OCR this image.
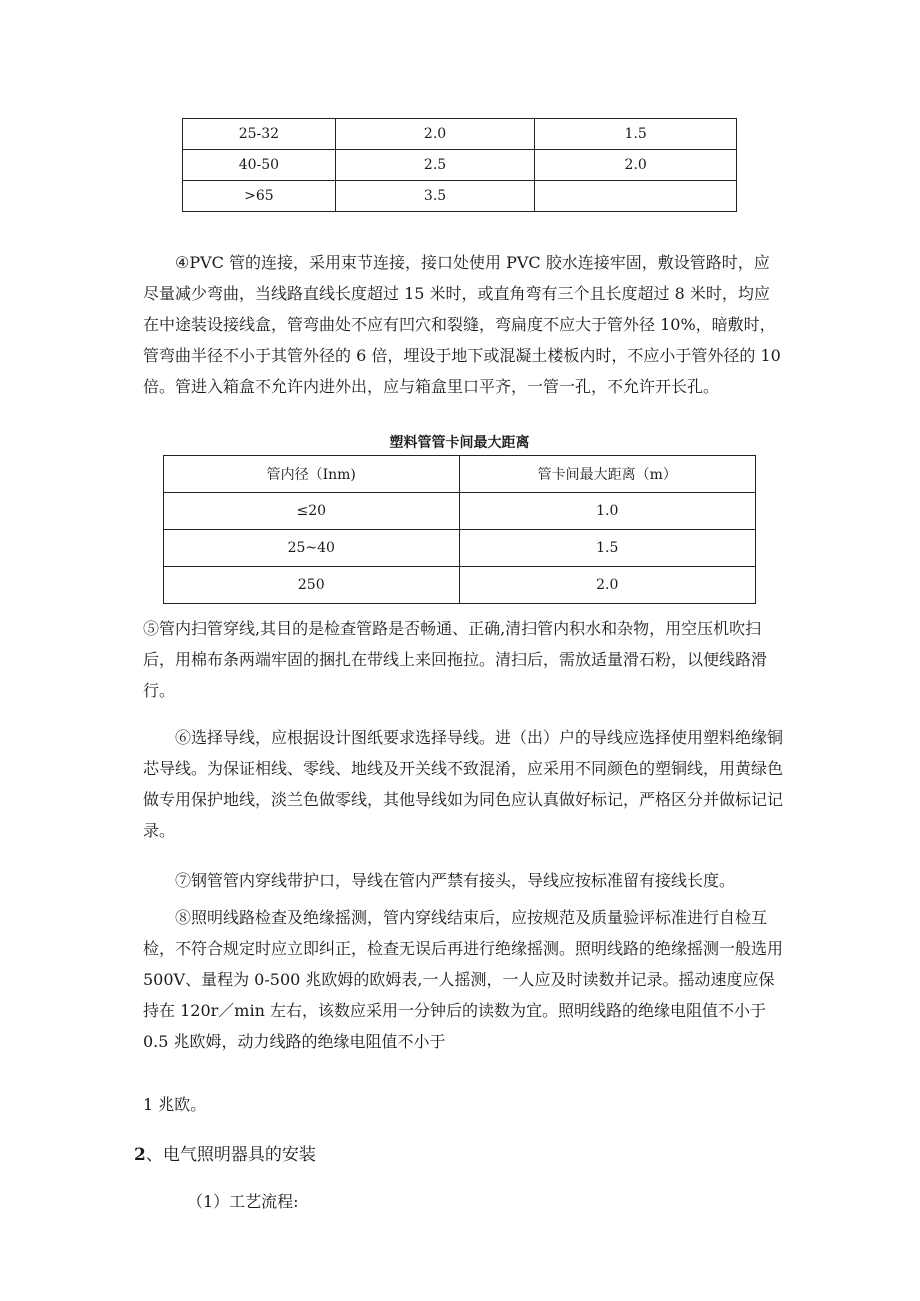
25-32	2.0	1.5
40-50	2.5	2.0
>65	3.5	

④PVC 管的连接，采用束节连接，接口处使用 PVC 胶水连接牢固，敷设管路时，应尽量减少弯曲，当线路直线长度超过 15 米时，或直角弯有三个且长度超过 8 米时，均应在中途装设接线盒，管弯曲处不应有凹穴和裂缝，弯扁度不应大于管外径 10%，暗敷时，管弯曲半径不小于其管外径的 6 倍，埋设于地下或混凝土楼板内时，不应小于管外径的 10 倍。管进入箱盒不允许内进外出，应与箱盒里口平齐，一管一孔，不允许开长孔。

塑料管管卡间最大距离
管内径（Inm)	管卡间最大距离（m）
≤20	1.0
25~40	1.5
250	2.0

⑤管内扫管穿线,其目的是检查管路是否畅通、正确,清扫管内积水和杂物，用空压机吹扫后，用棉布条两端牢固的捆扎在带线上来回拖拉。清扫后，需放适量滑石粉，以便线路滑行。

⑥选择导线，应根据设计图纸要求选择导线。进（出）户的导线应选择使用塑料绝缘铜芯导线。为保证相线、零线、地线及开关线不致混淆，应采用不同颜色的塑铜线，用黄绿色做专用保护地线，淡兰色做零线，其他导线如为同色应认真做好标记，严格区分并做标记记录。

⑦钢管管内穿线带护口，导线在管内严禁有接头，导线应按标准留有接线长度。

⑧照明线路检查及绝缘摇测，管内穿线结束后，应按规范及质量验评标准进行自检互检，不符合规定时应立即纠正，检查无误后再进行绝缘摇测。照明线路的绝缘摇测一般选用 500V、量程为 0-500 兆欧姆的欧姆表,一人摇测，一人应及时读数并记录。摇动速度应保持在 120r／min 左右，该数应采用一分钟后的读数为宜。照明线路的绝缘电阻值不小于 0.5 兆欧姆，动力线路的绝缘电阻值不小于

1 兆欧。

2、电气照明器具的安装

（1）工艺流程:
